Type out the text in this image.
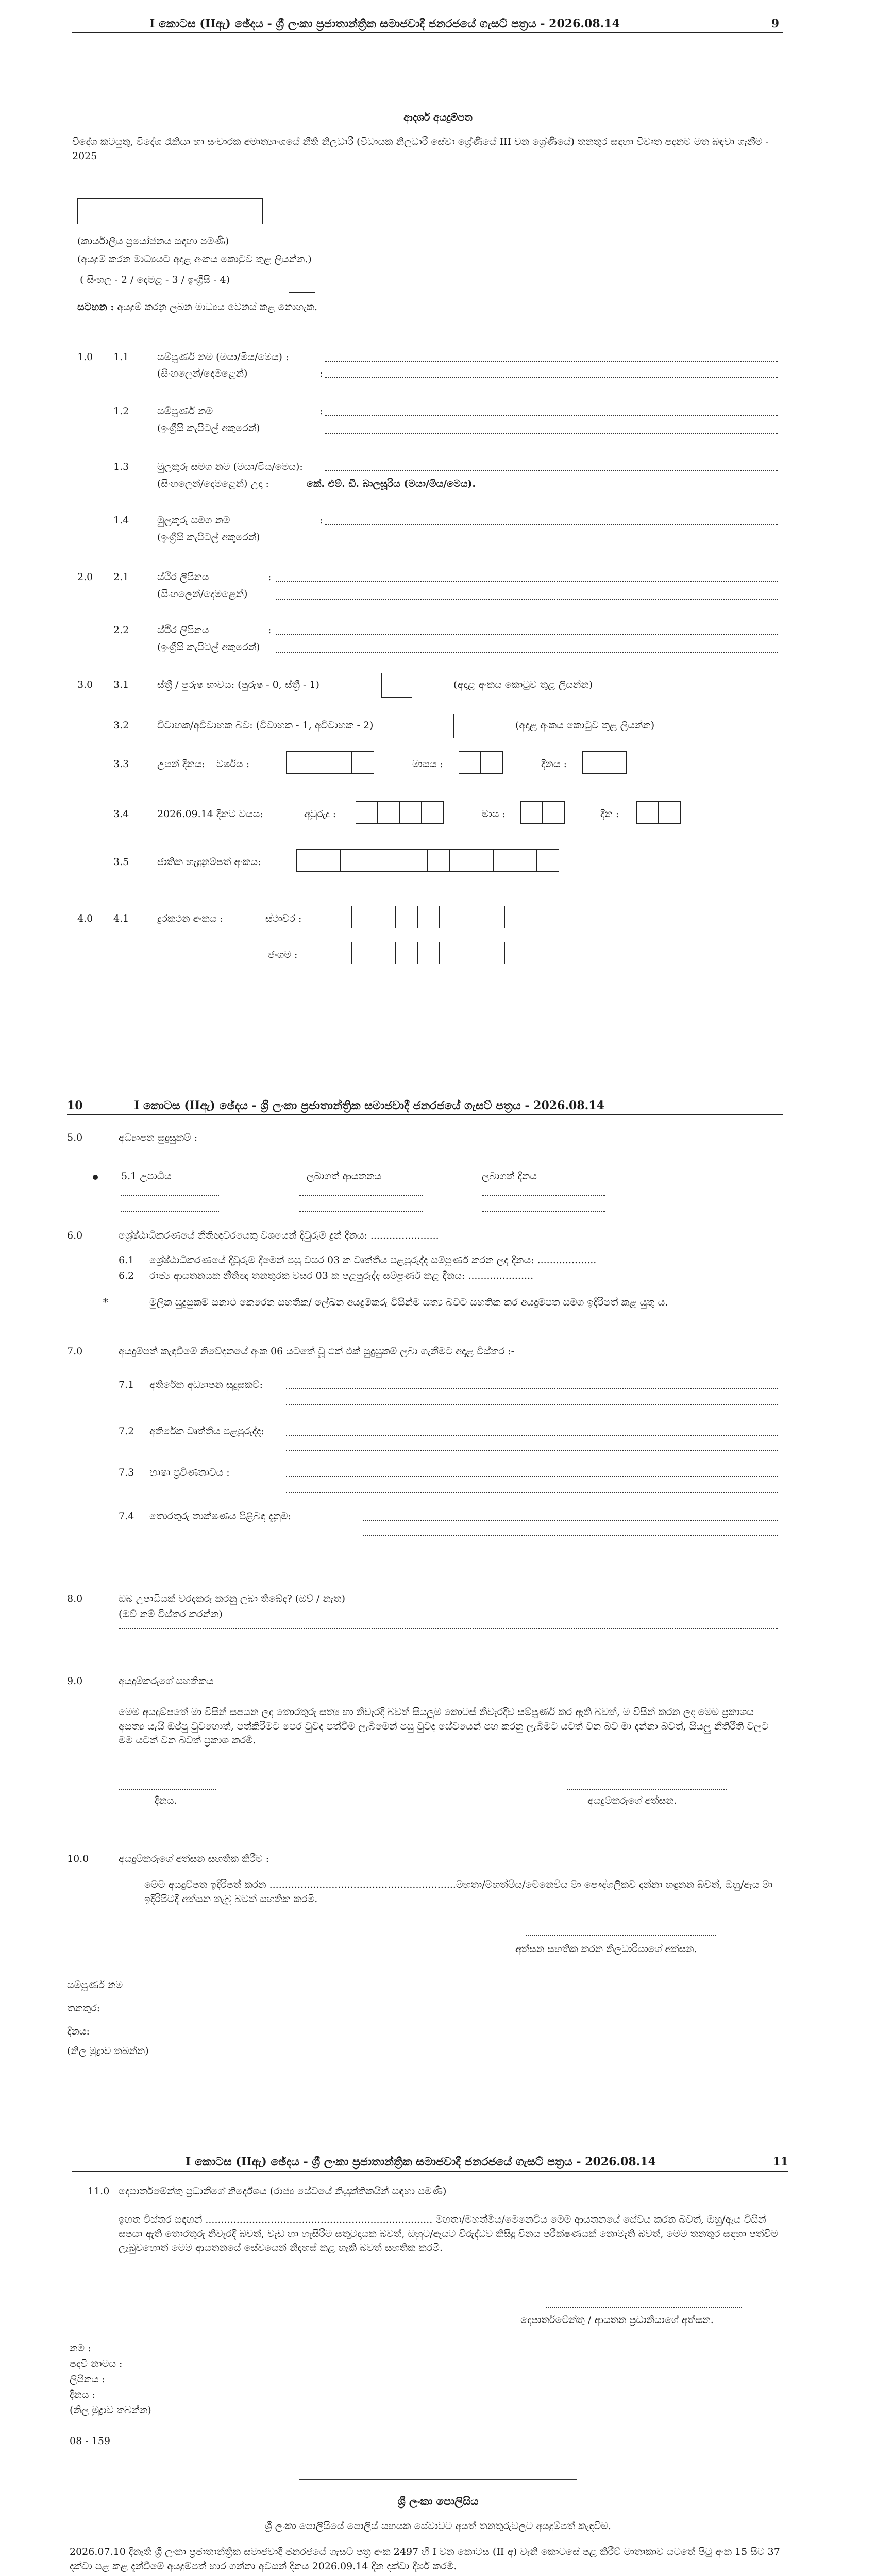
I කොටස (IIඇ) ඡේදය - ශ්‍රී ලංකා ප්‍රජාතාන්ත්‍රික සමාජවාදී ජනරජයේ ගැසට් පත්‍රය - 2026.08.14	9
ආදර්ශ අයදුම්පත
විදේශ කටයුතු, විදේශ රැකියා හා සංචාරක අමාත්‍යාංශයේ නීති නිලධාරී (විධායක නිලධාරී සේවා ශ්‍රේණියේ III වන ශ්‍රේණියේ) තනතුර සඳහා විවෘත පදනම මත බඳවා ගැනීම - 2025
(කාර්යාලීය ප්‍රයෝජනය සඳහා පමණි)
(අයදුම් කරන මාධ්‍යයට අදාළ අංකය කොටුව තුළ ලියන්න.)
( සිංහල - 2 / දෙමළ - 3 / ඉංග්‍රීසි - 4)
සටහන : අයදුම් කරනු ලබන මාධ්‍යය වෙනස් කළ නොහැක.
1.0 1.1	සම්පූර්ණ නම (මයා/මිය/මෙය) :
(සිංහලෙන්/දෙමළෙන්)	:
1.2	සම්පූර්ණ නම	:
(ඉංග්‍රීසි කැපිටල් අකුරෙන්)
1.3	මුලකුරු සමග නම (මයා/මිය/මෙය):
(සිංහලෙන්/දෙමළෙන්) උදා :	කේ. එම්. ඩී. බාලසූරිය (මයා/මිය/මෙය).
1.4	මුලකුරු සමග නම	:
(ඉංග්‍රීසි කැපිටල් අකුරෙන්)
2.0 2.1	ස්ථිර ලිපිනය	:
(සිංහලෙන්/දෙමළෙන්)
2.2	ස්ථිර ලිපිනය	:
(ඉංග්‍රීසි කැපිටල් අකුරෙන්)
3.0 3.1	ස්ත්‍රී / පුරුෂ භාවය: (පුරුෂ - 0, ස්ත්‍රී - 1)	(අදාළ අංකය කොටුව තුළ ලියන්න)
3.2	විවාහක/අවිවාහක බව: (විවාහක - 1, අවිවාහක - 2)	(අදාළ අංකය කොටුව තුළ ලියන්න)
3.3	උපන් දිනය: වර්ෂය :	මාසය :	දිනය :
3.4	2026.09.14 දිනට වයස:	අවුරුදු :	මාස :	දින :
3.5	ජාතික හැඳුනුම්පත් අංකය:
4.0 4.1	දුරකථන අංකය :	ස්ථාවර :
ජංගම :
10	I කොටස (IIඇ) ඡේදය - ශ්‍රී ලංකා ප්‍රජාතාන්ත්‍රික සමාජවාදී ජනරජයේ ගැසට් පත්‍රය - 2026.08.14
5.0	අධ්‍යාපන සුදුසුකම් :
5.1 උපාධිය	ලබාගත් ආයතනය	ලබාගත් දිනය
6.0	ශ්‍රේෂ්ඨාධිකරණයේ නීතිඥවරයෙකු වශයෙන් දිවුරුම් දුන් දිනය: ......................
6.1 ශ්‍රේෂ්ඨාධිකරණයේ දිවුරුම් දීමෙන් පසු වසර 03 ක වෘත්තීය පළපුරුද්ද සම්පූර්ණ කරන ලද දිනය: ...................
6.2 රාජ්‍ය ආයතනයක නීතිඥ තනතුරක වසර 03 ක පළපුරුද්ද සම්පූර්ණ කළ දිනය: .....................
*	මුලික සුදුසුකම් සනාථ කෙරෙන සහතික/ ලේඛන අයදුම්කරු විසින්ම සත්‍ය බවට සහතික කර අයදුම්පත සමග ඉදිරිපත් කළ යුතු ය.
7.0	අයදුම්පත් කැඳවීමේ නිවේදනයේ අංක 06 යටතේ වූ එක් එක් සුදුසුකම් ලබා ගැනීමට අදාළ විස්තර :-
7.1 අතිරේක අධ්‍යාපන සුදුසුකම්:
7.2 අතිරේක වෘත්තීය පළපුරුද්ද:
7.3 භාෂා ප්‍රවීණතාවය :
7.4 තොරතුරු තාක්ෂණය පිළිබඳ දැනුම:
8.0	ඔබ උපාධියක් වරදකරු කරනු ලබා තිබේද? (ඔව් / නැත)
(ඔව් නම් විස්තර කරන්න)
9.0	අයදුම්කරුගේ සහතිකය
මෙම අයදුම්පතේ මා විසින් සපයන ලද තොරතුරු සත්‍ය හා නිවැරදි බවත් සියලුම කොටස් නිවැරදිව සම්පූර්ණ කර ඇති බවත්, ම විසින් කරන ලද මෙම ප්‍රකාශය අසත්‍ය යැයි ඔප්පු වුවහොත්, පත්කිරීමට පෙර වුවද පත්වීම ලැබීමෙන් පසු වුවද සේවයෙන් පහ කරනු ලැබීමට යටත් වන බව මා දන්නා බවත්, සියලු නීතිරීති වලට මම යටත් වන බවත් ප්‍රකාශ කරමි.
දිනය.	අයදුම්කරුගේ අත්සන.
10.0	අයදුම්කරුගේ අත්සන සහතික කිරීම :
මෙම අයදුම්පත ඉදිරිපත් කරන ............................................................මහතා/මහත්මිය/මෙනෙවිය මා පෞද්ගලිකව දන්නා හඳුනන බවත්, ඔහු/ඇය මා ඉදිරිපිටදී අත්සන තැබූ බවත් සහතික කරමි.
අත්සන සහතික කරන නිලධාරියාගේ අත්සන.
සම්පූර්ණ නම
තනතුර:
දිනය:
(නිල මුද්‍රාව තබන්න)
I කොටස (IIඇ) ඡේදය - ශ්‍රී ලංකා ප්‍රජාතාන්ත්‍රික සමාජවාදී ජනරජයේ ගැසට් පත්‍රය - 2026.08.14	11
11.0 දෙපාර්තමේන්තු ප්‍රධානීගේ නිර්දේශය (රාජ්‍ය සේවයේ නියුක්තිකයින් සඳහා පමණි)
ඉහත විස්තර සඳහන් ......................................................................... මහතා/මහත්මිය/මෙනෙවිය මෙම ආයතනයේ සේවය කරන බවත්, ඔහු/ඇය විසින් සපයා ඇති තොරතුරු නිවැරදි බවත්, වැඩ හා හැසිරීම සතුටුදායක බවත්, ඔහුට/ඇයට විරුද්ධව කිසිදු විනය පරීක්ෂණයක් නොමැති බවත්, මෙම තනතුර සඳහා පත්වීම ලැබුවහොත් මෙම ආයතනයේ සේවයෙන් නිදහස් කළ හැකි බවත් සහතික කරමි.
දෙපාර්තමේන්තු / ආයතන ප්‍රධානියාගේ අත්සන.
නම :
පදවි නාමය :
ලිපිනය :
දිනය :
(නිල මුද්‍රාව තබන්න)
08 - 159
ශ්‍රී ලංකා පොලිසිය
ශ්‍රී ලංකා පොලිසියේ පොලිස් සහයක සේවාවට අයත් තනතුරුවලට අයදුම්පත් කැඳවීම.
2026.07.10 දිනැති ශ්‍රී ලංකා ප්‍රජාතාන්ත්‍රික සමාජවාදී ජනරජයේ ගැසට් පත්‍ර අංක 2497 හි I වන කොටස (II අ) වැනි කොටසේ පළ කිරීම් මාතෘකාව යටතේ පිටු අංක 15 සිට 37 දක්වා පළ කළ දැන්වීමේ අයදුම්පත් භාර ගන්නා අවසන් දිනය 2026.09.14 දින දක්වා දීර්ඝ කරමි.
